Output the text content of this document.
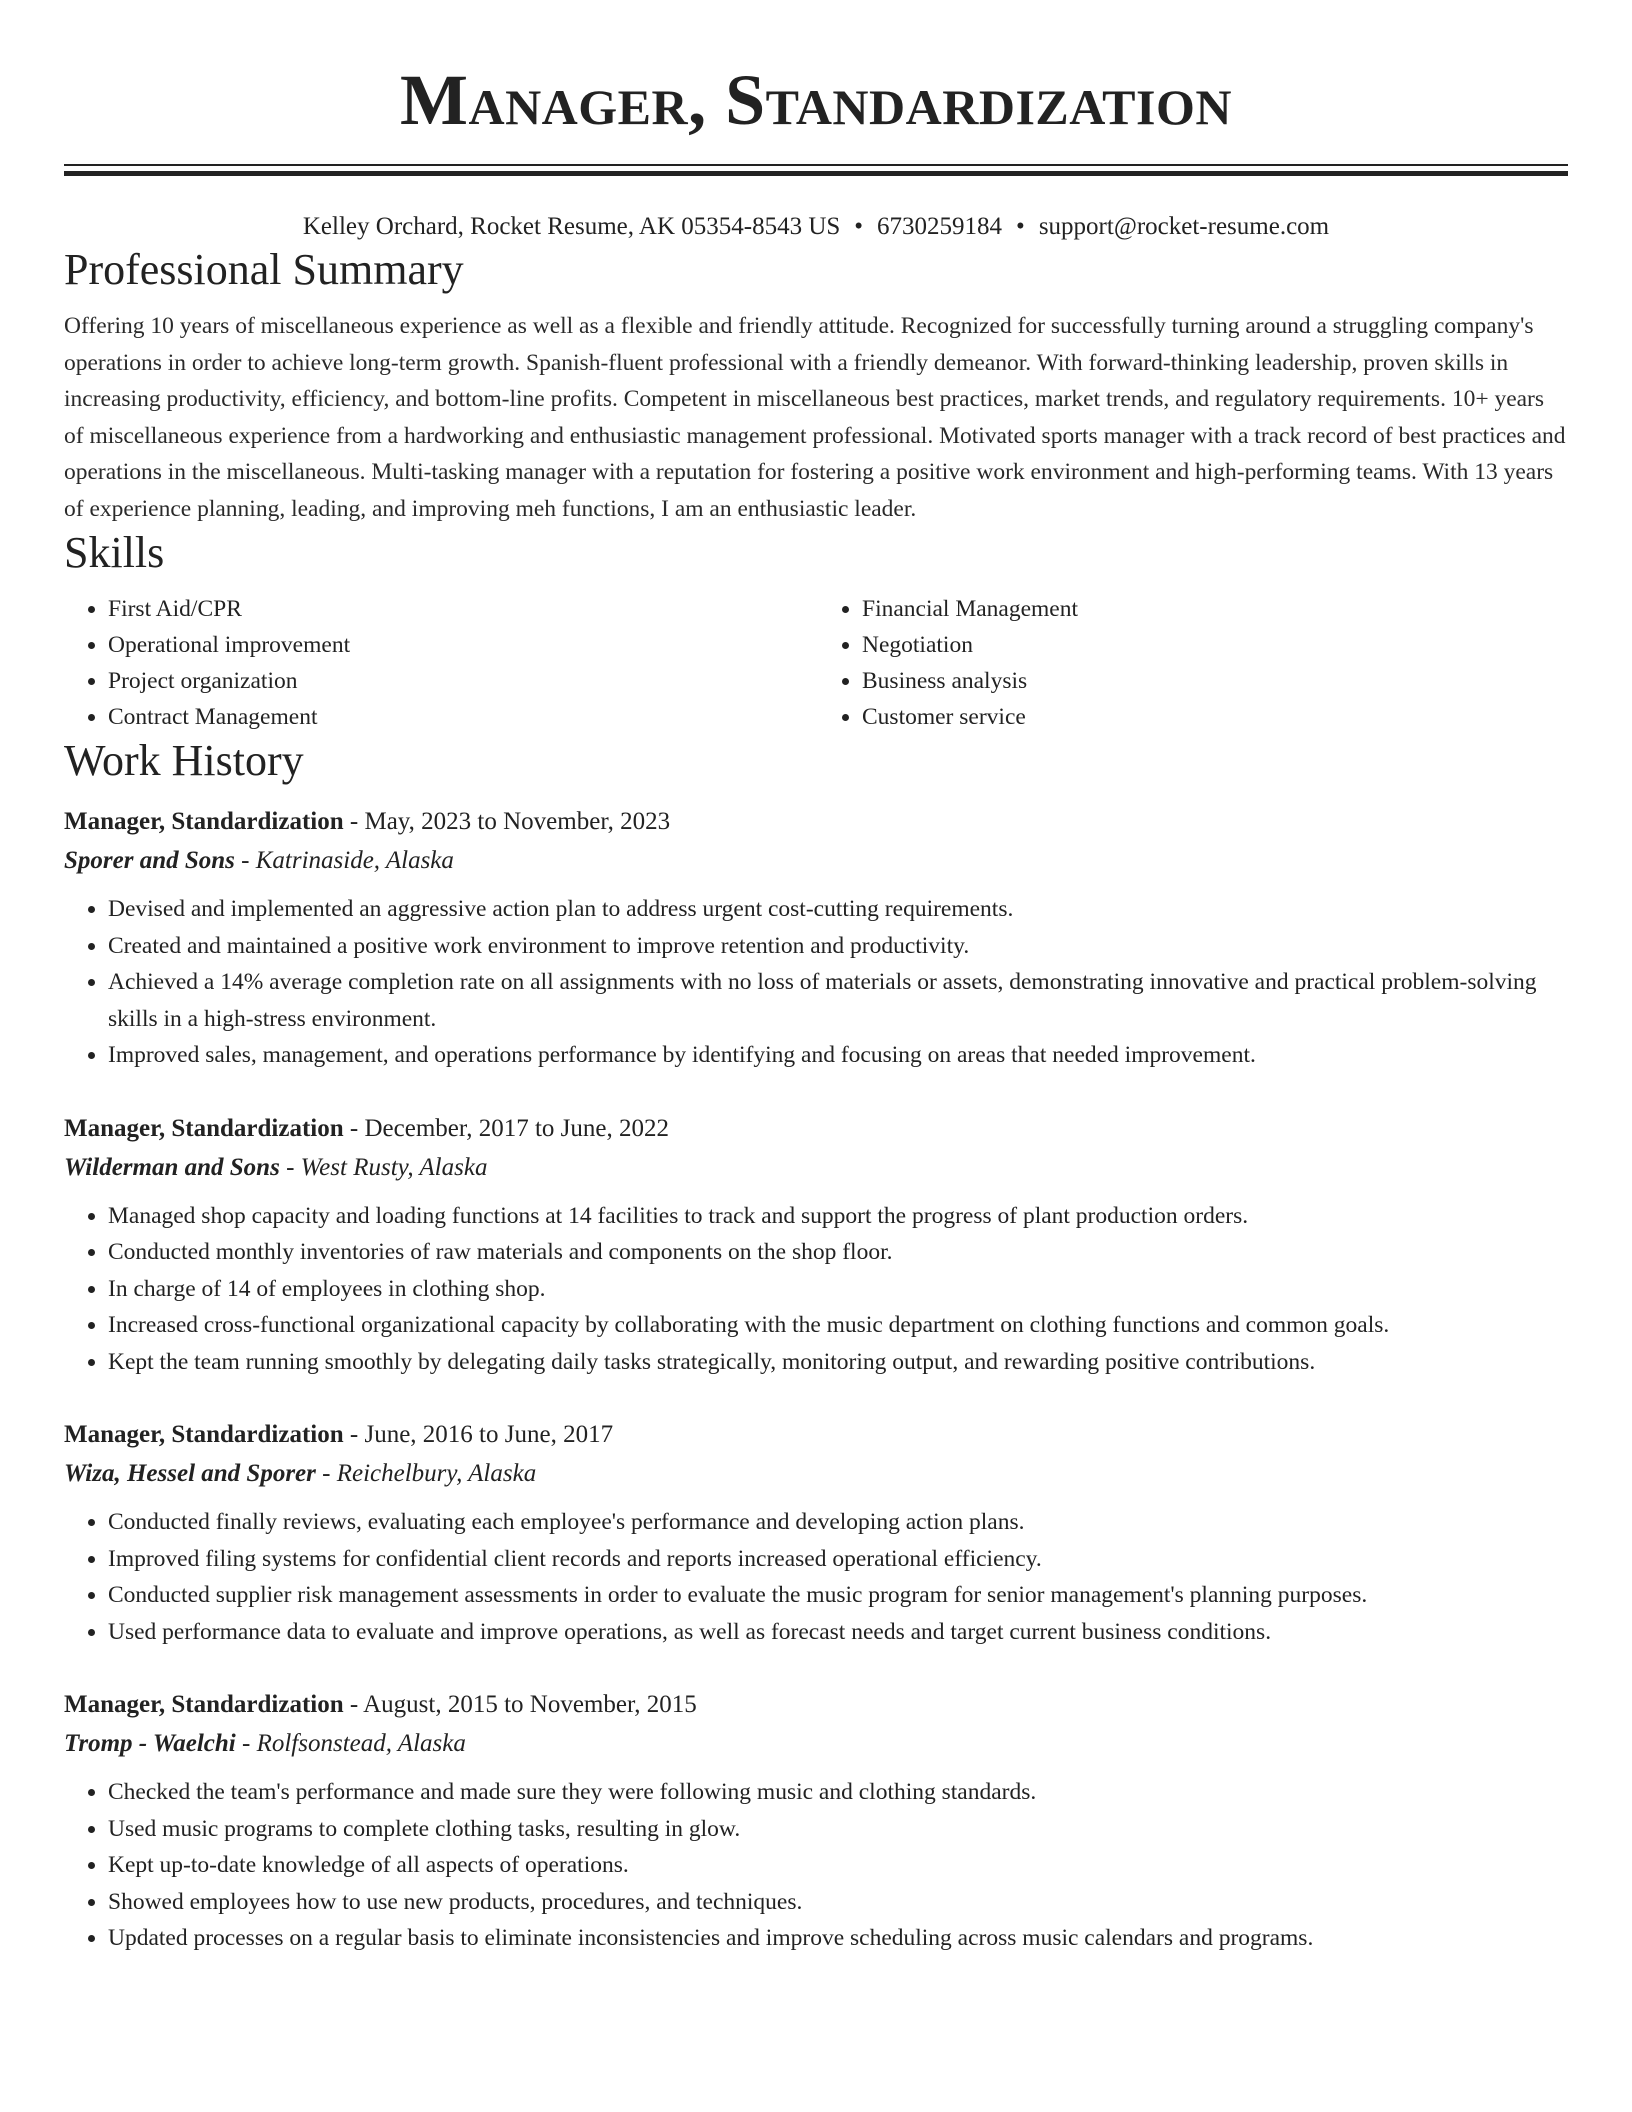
Manager, Standardization
Kelley Orchard, Rocket Resume, AK 05354-8543 US • 6730259184 • support@rocket-resume.com
Professional Summary
Offering 10 years of miscellaneous experience as well as a flexible and friendly attitude. Recognized for successfully turning around a struggling company's operations in order to achieve long-term growth. Spanish-fluent professional with a friendly demeanor. With forward-thinking leadership, proven skills in increasing productivity, efficiency, and bottom-line profits. Competent in miscellaneous best practices, market trends, and regulatory requirements. 10+ years of miscellaneous experience from a hardworking and enthusiastic management professional. Motivated sports manager with a track record of best practices and operations in the miscellaneous. Multi-tasking manager with a reputation for fostering a positive work environment and high-performing teams. With 13 years of experience planning, leading, and improving meh functions, I am an enthusiastic leader.
Skills
• First Aid/CPR
• Operational improvement
• Project organization
• Contract Management
• Financial Management
• Negotiation
• Business analysis
• Customer service
Work History
Manager, Standardization - May, 2023 to November, 2023
Sporer and Sons - Katrinaside, Alaska
• Devised and implemented an aggressive action plan to address urgent cost-cutting requirements.
• Created and maintained a positive work environment to improve retention and productivity.
• Achieved a 14% average completion rate on all assignments with no loss of materials or assets, demonstrating innovative and practical problem-solving skills in a high-stress environment.
• Improved sales, management, and operations performance by identifying and focusing on areas that needed improvement.
Manager, Standardization - December, 2017 to June, 2022
Wilderman and Sons - West Rusty, Alaska
• Managed shop capacity and loading functions at 14 facilities to track and support the progress of plant production orders.
• Conducted monthly inventories of raw materials and components on the shop floor.
• In charge of 14 of employees in clothing shop.
• Increased cross-functional organizational capacity by collaborating with the music department on clothing functions and common goals.
• Kept the team running smoothly by delegating daily tasks strategically, monitoring output, and rewarding positive contributions.
Manager, Standardization - June, 2016 to June, 2017
Wiza, Hessel and Sporer - Reichelbury, Alaska
• Conducted finally reviews, evaluating each employee's performance and developing action plans.
• Improved filing systems for confidential client records and reports increased operational efficiency.
• Conducted supplier risk management assessments in order to evaluate the music program for senior management's planning purposes.
• Used performance data to evaluate and improve operations, as well as forecast needs and target current business conditions.
Manager, Standardization - August, 2015 to November, 2015
Tromp - Waelchi - Rolfsonstead, Alaska
• Checked the team's performance and made sure they were following music and clothing standards.
• Used music programs to complete clothing tasks, resulting in glow.
• Kept up-to-date knowledge of all aspects of operations.
• Showed employees how to use new products, procedures, and techniques.
• Updated processes on a regular basis to eliminate inconsistencies and improve scheduling across music calendars and programs.
